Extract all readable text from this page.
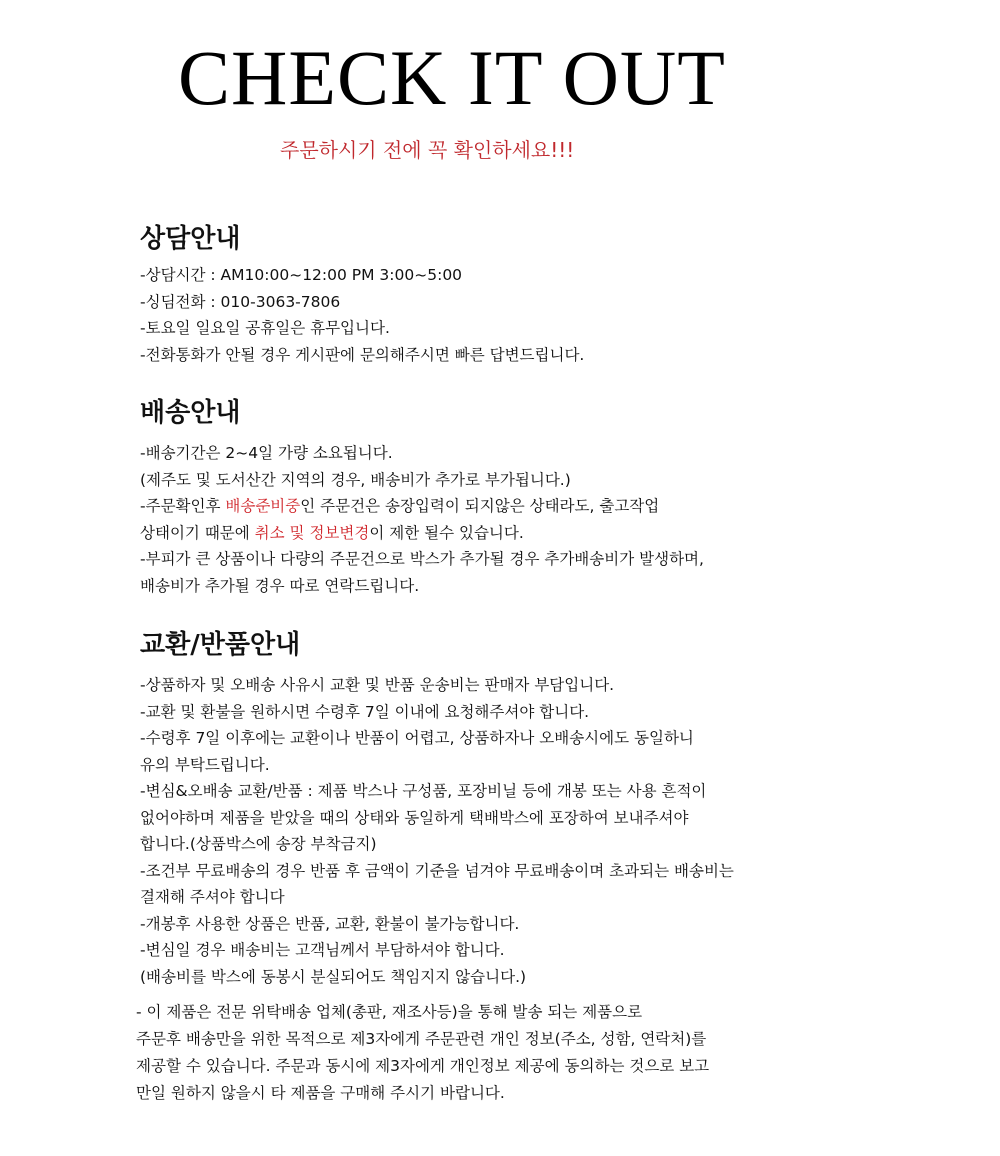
CHECK IT OUT

주문하시기 전에 꼭 확인하세요!!!

상담안내
-상담시간 : AM10:00~12:00 PM 3:00~5:00
-싱딤전화 : 010-3063-7806
-토요일 일요일 공휴일은 휴무입니다.
-전화통화가 안될 경우 게시판에 문의해주시면 빠른 답변드립니다.
배송안내
-배송기간은 2~4일 가량 소요됩니다.
(제주도 및 도서산간 지역의 경우, 배송비가 추가로 부가됩니다.)
-주문확인후 배송준비중인 주문건은 송장입력이 되지않은 상태라도, 출고작업
상태이기 때문에 취소 및 정보변경이 제한 될수 있습니다.
-부피가 큰 상품이나 다량의 주문건으로 박스가 추가될 경우 추가배송비가 발생하며,
배송비가 추가될 경우 따로 연락드립니다.
교환/반품안내
-상품하자 및 오배송 사유시 교환 및 반품 운송비는 판매자 부담입니다.
-교환 및 환불을 원하시면 수령후 7일 이내에 요청해주셔야 합니다.
-수령후 7일 이후에는 교환이나 반품이 어렵고, 상품하자나 오배송시에도 동일하니
유의 부탁드립니다.
-변심&오배송 교환/반품 : 제품 박스나 구성품, 포장비닐 등에 개봉 또는 사용 흔적이
없어야하며 제품을 받았을 때의 상태와 동일하게 택배박스에 포장하여 보내주셔야
합니다.(상품박스에 송장 부착금지)
-조건부 무료배송의 경우 반품 후 금액이 기준을 넘겨야 무료배송이며 초과되는 배송비는
결재해 주셔야 합니다
-개봉후 사용한 상품은 반품, 교환, 환불이 불가능합니다.
-변심일 경우 배송비는 고객님께서 부담하셔야 합니다.
(배송비를 박스에 동봉시 분실되어도 책임지지 않습니다.)
- 이 제품은 전문 위탁배송 업체(총판, 재조사등)을 통해 발송 되는 제품으로
주문후 배송만을 위한 목적으로 제3자에게 주문관련 개인 정보(주소, 성함, 연락처)를
제공할 수 있습니다. 주문과 동시에 제3자에게 개인정보 제공에 동의하는 것으로 보고
만일 원하지 않을시 타 제품을 구매해 주시기 바랍니다.
